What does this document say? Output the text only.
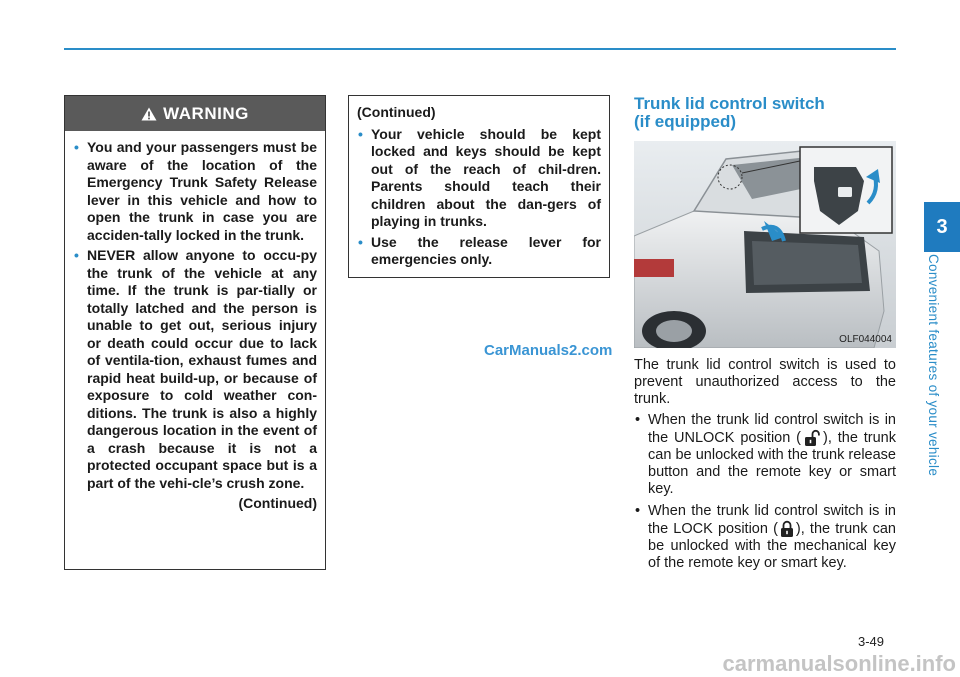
WARNING
• You and your passengers must be aware of the location of the Emergency Trunk Safety Release lever in this vehicle and how to open the trunk in case you are acciden-tally locked in the trunk.
• NEVER allow anyone to occu-py the trunk of the vehicle at any time. If the trunk is par-tially or totally latched and the person is unable to get out, serious injury or death could occur due to lack of ventila-tion, exhaust fumes and rapid heat build-up, or because of exposure to cold weather con-ditions. The trunk is also a highly dangerous location in the event of a crash because it is not a protected occupant space but is a part of the vehi-cle’s crush zone.
(Continued)
(Continued)
• Your vehicle should be kept locked and keys should be kept out of the reach of chil-dren. Parents should teach their children about the dan-gers of playing in trunks.
• Use the release lever for emergencies only.
Trunk lid control switch
(if equipped)
OLF044004

The trunk lid control switch is used to prevent unauthorized access to the trunk.

• When the trunk lid control switch is in the UNLOCK position ( ), the trunk can be unlocked with the trunk release button and the remote key or smart key.
• When the trunk lid control switch is in the LOCK position ( ), the trunk can be unlocked with the mechanical key of the remote key or smart key.
CarManuals2.com
3
Convenient features of your vehicle
3-49
carmanualsonline.info
